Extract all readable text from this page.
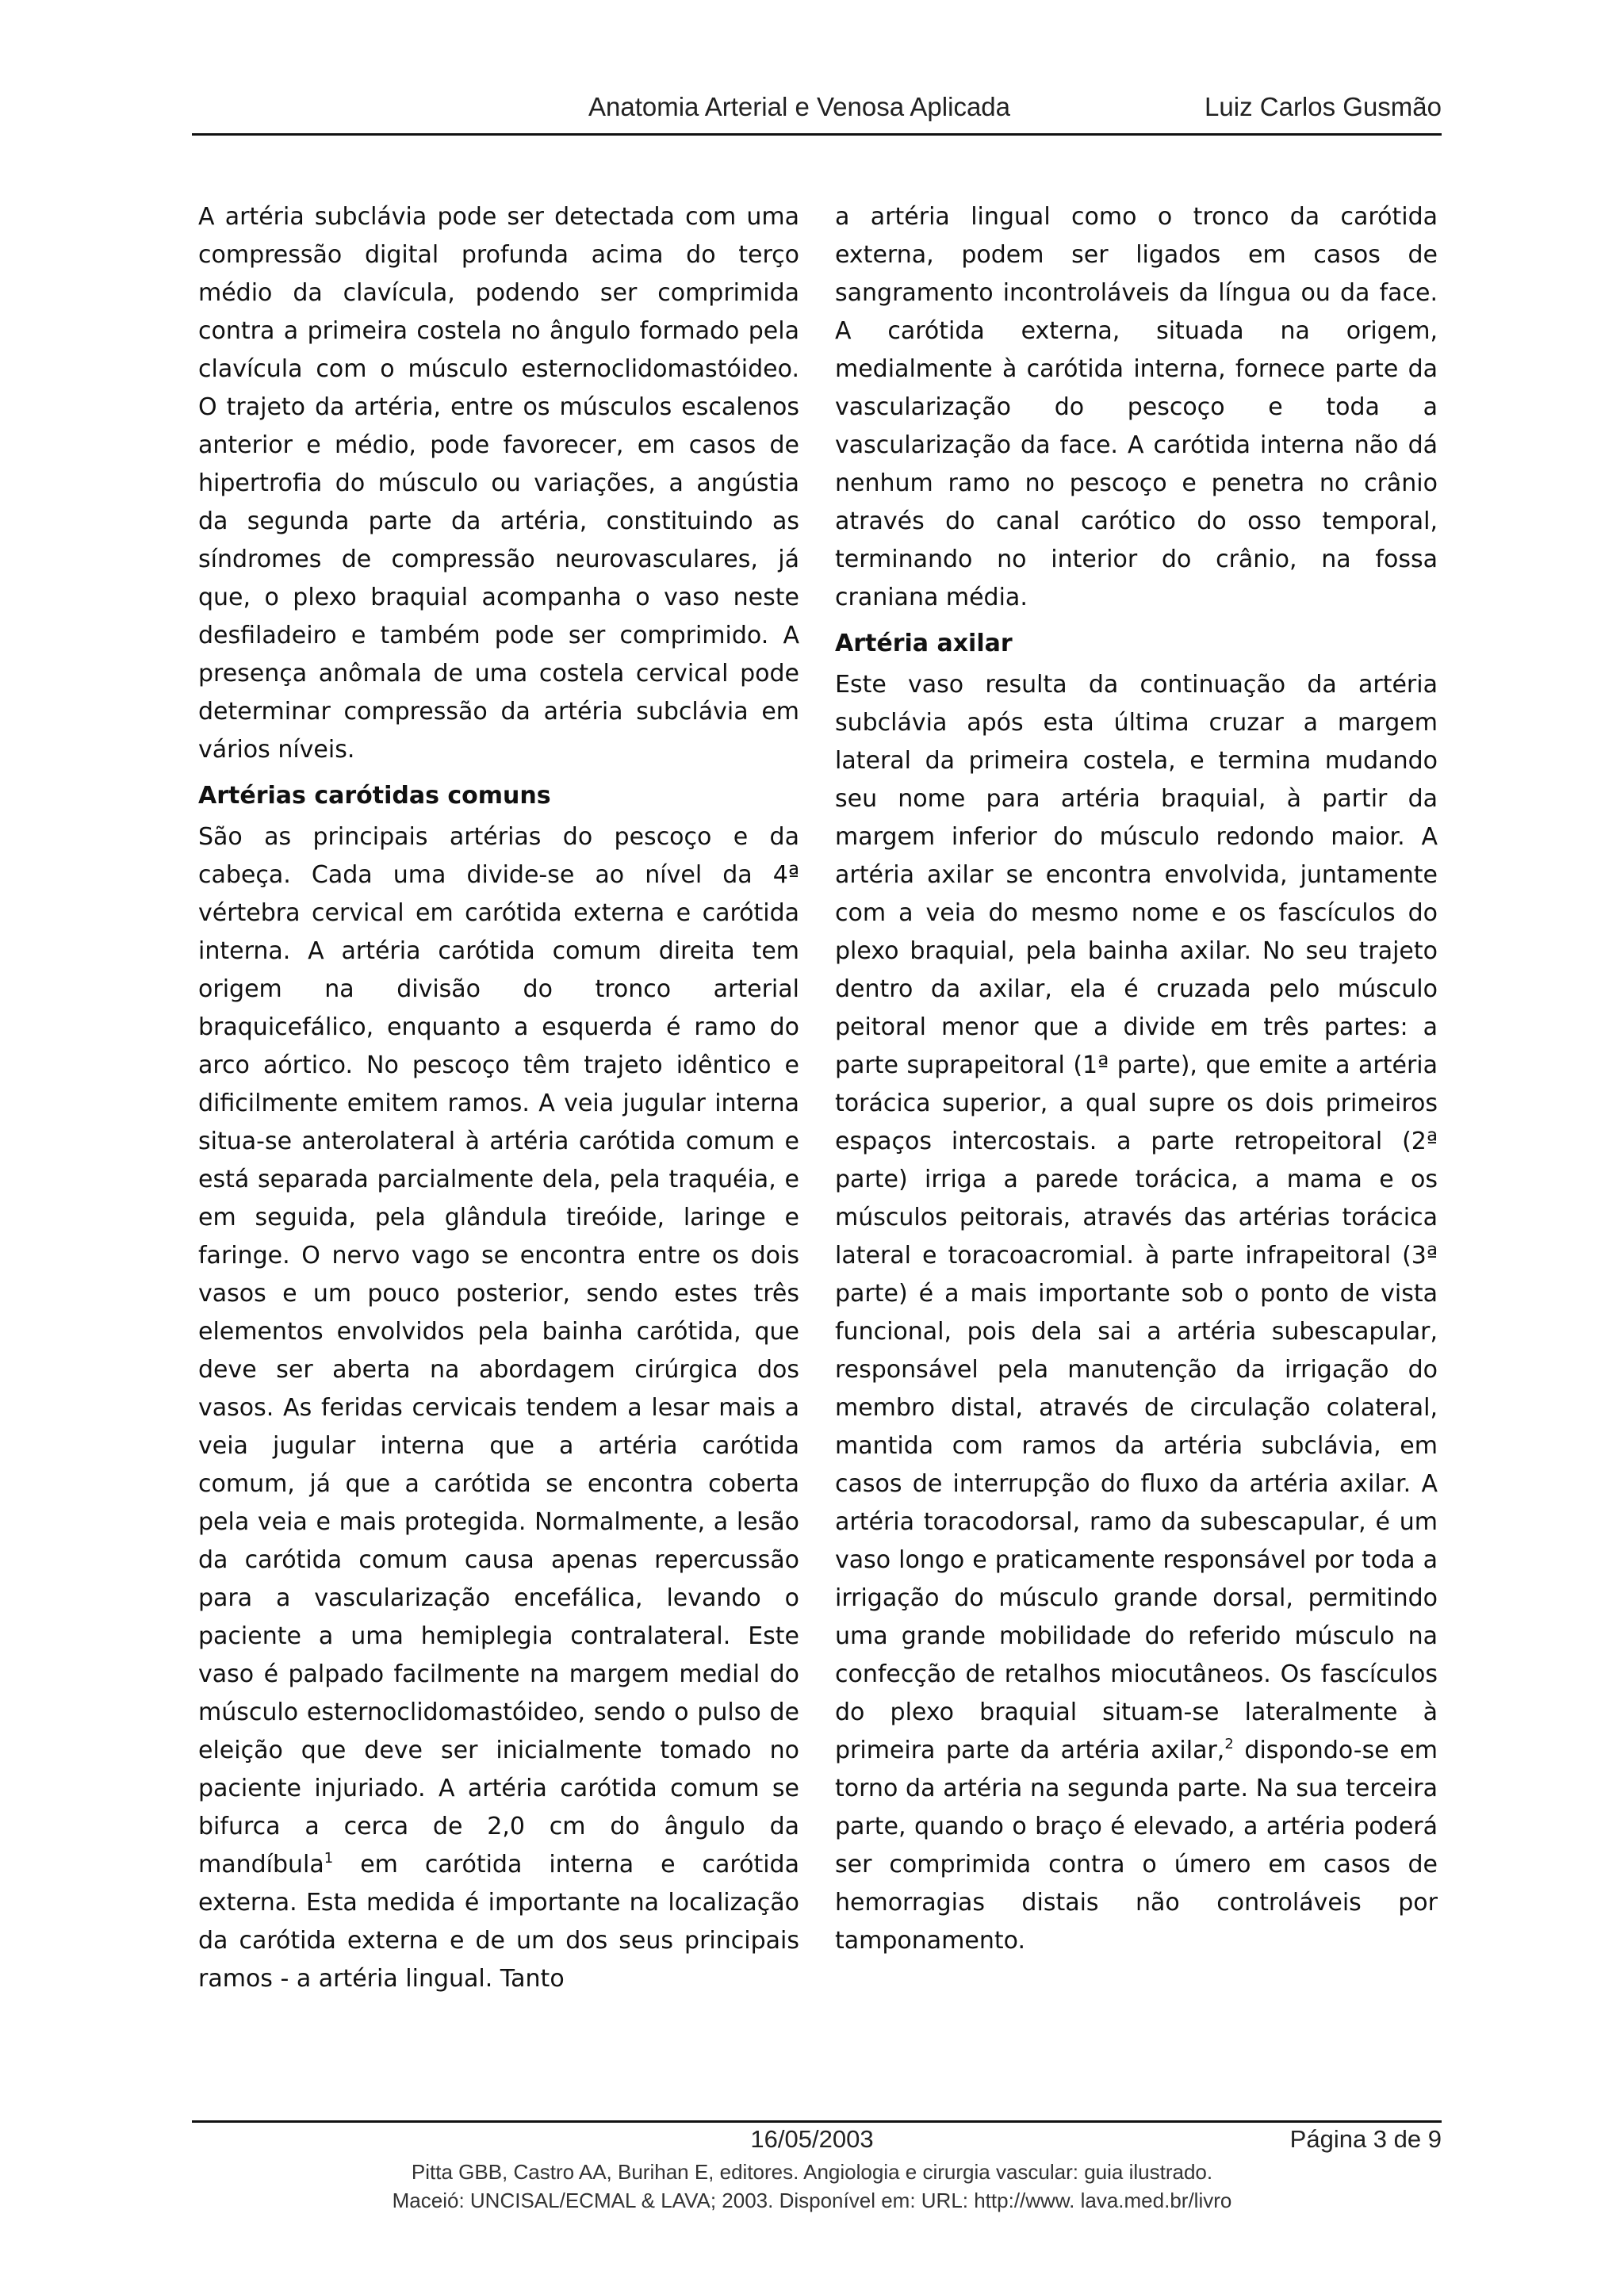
Anatomia Arterial e Venosa Aplicada	Luiz Carlos Gusmão

A artéria subclávia pode ser detectada com uma compressão digital profunda acima do terço médio da clavícula, podendo ser comprimida contra a primeira costela no ângulo formado pela clavícula com o músculo esternoclidomastóideo. O trajeto da artéria, entre os músculos escalenos anterior e médio, pode favorecer, em casos de hipertrofia do músculo ou variações, a angústia da segunda parte da artéria, constituindo as síndromes de compressão neurovasculares, já que, o plexo braquial acompanha o vaso neste desfiladeiro e também pode ser comprimido. A presença anômala de uma costela cervical pode determinar compressão da artéria subclávia em vários níveis.

Artérias carótidas comuns

São as principais artérias do pescoço e da cabeça. Cada uma divide-se ao nível da 4ª vértebra cervical em carótida externa e carótida interna. A artéria carótida comum direita tem origem na divisão do tronco arterial braquicefálico, enquanto a esquerda é ramo do arco aórtico. No pescoço têm trajeto idêntico e dificilmente emitem ramos. A veia jugular interna situa-se anterolateral à artéria carótida comum e está separada parcialmente dela, pela traquéia, e em seguida, pela glândula tireóide, laringe e faringe. O nervo vago se encontra entre os dois vasos e um pouco posterior, sendo estes três elementos envolvidos pela bainha carótida, que deve ser aberta na abordagem cirúrgica dos vasos. As feridas cervicais tendem a lesar mais a veia jugular interna que a artéria carótida comum, já que a carótida se encontra coberta pela veia e mais protegida. Normalmente, a lesão da carótida comum causa apenas repercussão para a vascularização encefálica, levando o paciente a uma hemiplegia contralateral. Este vaso é palpado facilmente na margem medial do músculo esternoclidomastóideo, sendo o pulso de eleição que deve ser inicialmente tomado no paciente injuriado. A artéria carótida comum se bifurca a cerca de 2,0 cm do ângulo da mandíbula$^1$ em carótida interna e carótida externa. Esta medida é importante na localização da carótida externa e de um dos seus principais ramos - a artéria lingual. Tanto

a artéria lingual como o tronco da carótida externa, podem ser ligados em casos de sangramento incontroláveis da língua ou da face. A carótida externa, situada na origem, medialmente à carótida interna, fornece parte da vascularização do pescoço e toda a vascularização da face. A carótida interna não dá nenhum ramo no pescoço e penetra no crânio através do canal carótico do osso temporal, terminando no interior do crânio, na fossa craniana média.

Artéria axilar

Este vaso resulta da continuação da artéria subclávia após esta última cruzar a margem lateral da primeira costela, e termina mudando seu nome para artéria braquial, à partir da margem inferior do músculo redondo maior. A artéria axilar se encontra envolvida, juntamente com a veia do mesmo nome e os fascículos do plexo braquial, pela bainha axilar. No seu trajeto dentro da axilar, ela é cruzada pelo músculo peitoral menor que a divide em três partes: a parte suprapeitoral (1ª parte), que emite a artéria torácica superior, a qual supre os dois primeiros espaços intercostais. a parte retropeitoral (2ª parte) irriga a parede torácica, a mama e os músculos peitorais, através das artérias torácica lateral e toracoacromial. à parte infrapeitoral (3ª parte) é a mais importante sob o ponto de vista funcional, pois dela sai a artéria subescapular, responsável pela manutenção da irrigação do membro distal, através de circulação colateral, mantida com ramos da artéria subclávia, em casos de interrupção do fluxo da artéria axilar. A artéria toracodorsal, ramo da subescapular, é um vaso longo e praticamente responsável por toda a irrigação do músculo grande dorsal, permitindo uma grande mobilidade do referido músculo na confecção de retalhos miocutâneos. Os fascículos do plexo braquial situam-se lateralmente à primeira parte da artéria axilar,$^2$ dispondo-se em torno da artéria na segunda parte. Na sua terceira parte, quando o braço é elevado, a artéria poderá ser comprimida contra o úmero em casos de hemorragias distais não controláveis por tamponamento.

16/05/2003	Página 3 de 9
Pitta GBB, Castro AA, Burihan E, editores. Angiologia e cirurgia vascular: guia ilustrado.
Maceió: UNCISAL/ECMAL & LAVA; 2003. Disponível em: URL: http://www. lava.med.br/livro
